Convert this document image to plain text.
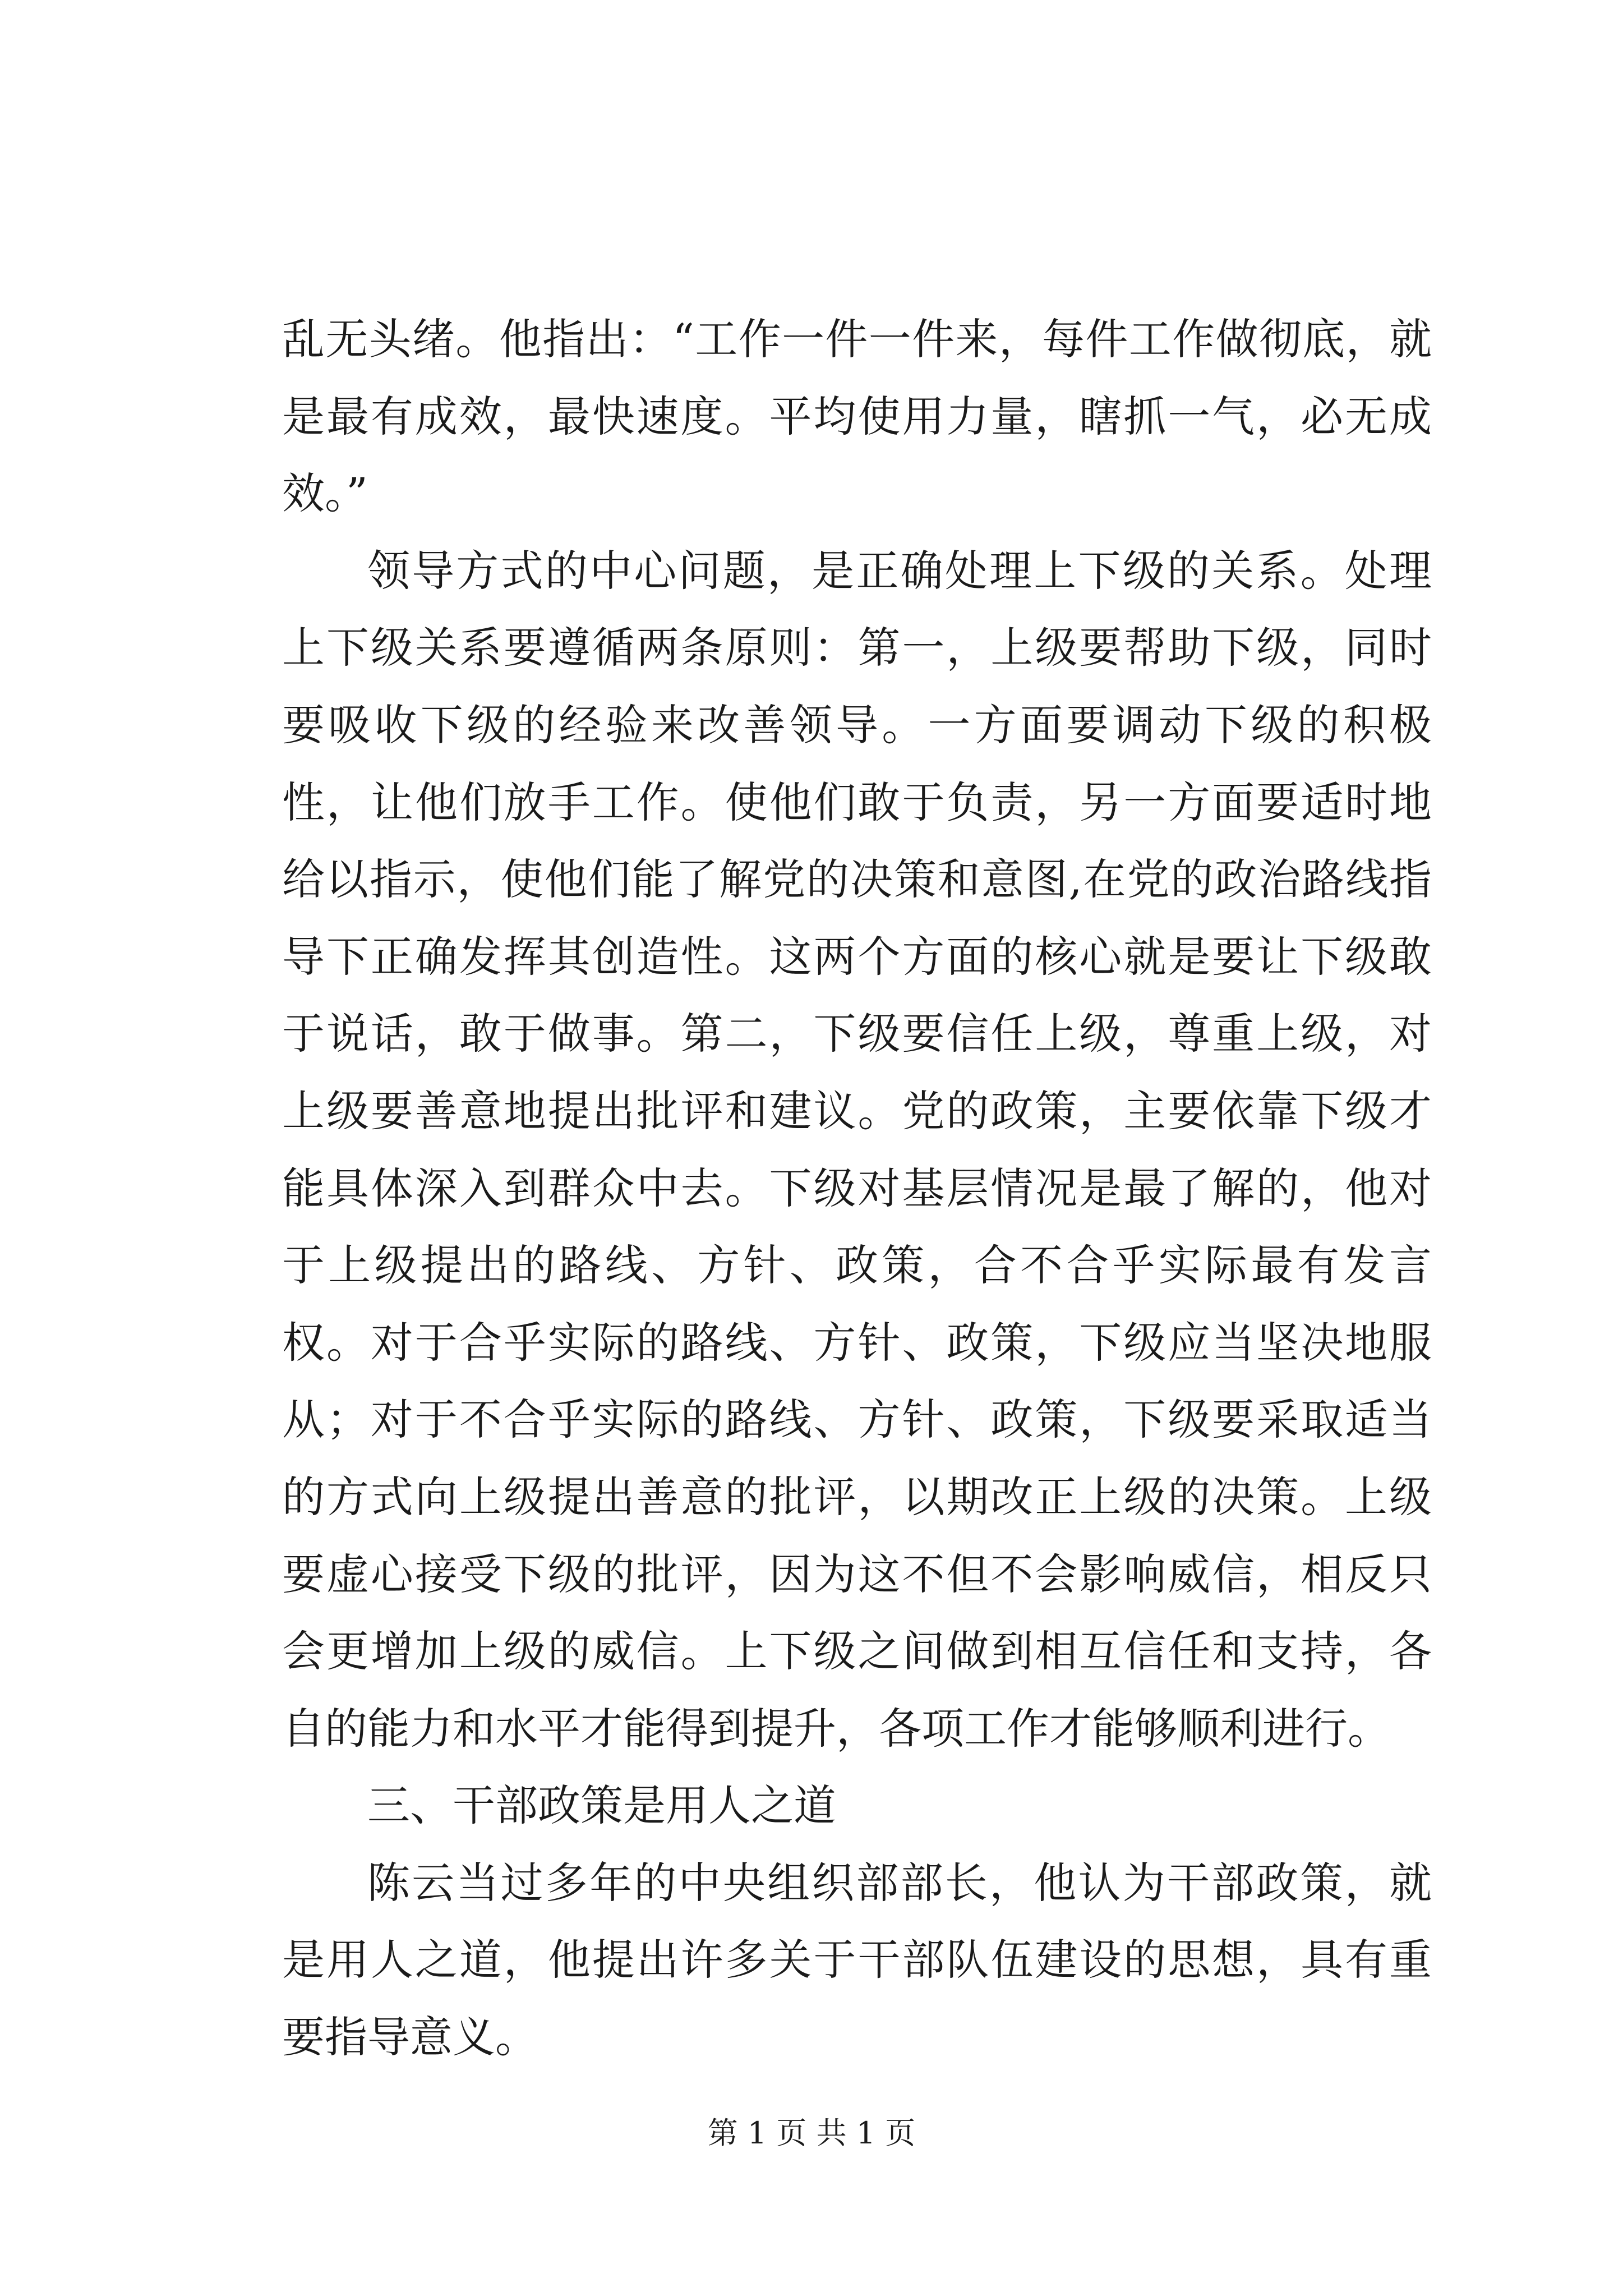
乱无头绪。他指出：“工作一件一件来，每件工作做彻底，就是最有成效，最快速度。平均使用力量，瞎抓一气，必无成效。”

领导方式的中心问题，是正确处理上下级的关系。处理上下级关系要遵循两条原则：第一，上级要帮助下级，同时要吸收下级的经验来改善领导。一方面要调动下级的积极性，让他们放手工作。使他们敢于负责，另一方面要适时地给以指示，使他们能了解党的决策和意图,在党的政治路线指导下正确发挥其创造性。这两个方面的核心就是要让下级敢于说话，敢于做事。第二，下级要信任上级，尊重上级，对上级要善意地提出批评和建议。党的政策，主要依靠下级才能具体深入到群众中去。下级对基层情况是最了解的，他对于上级提出的路线、方针、政策，合不合乎实际最有发言权。对于合乎实际的路线、方针、政策，下级应当坚决地服从；对于不合乎实际的路线、方针、政策，下级要采取适当的方式向上级提出善意的批评，以期改正上级的决策。上级要虚心接受下级的批评，因为这不但不会影响威信，相反只会更增加上级的威信。上下级之间做到相互信任和支持，各自的能力和水平才能得到提升，各项工作才能够顺利进行。

三、干部政策是用人之道

陈云当过多年的中央组织部部长，他认为干部政策，就是用人之道，他提出许多关于干部队伍建设的思想，具有重要指导意义。

第 1 页 共 1 页
